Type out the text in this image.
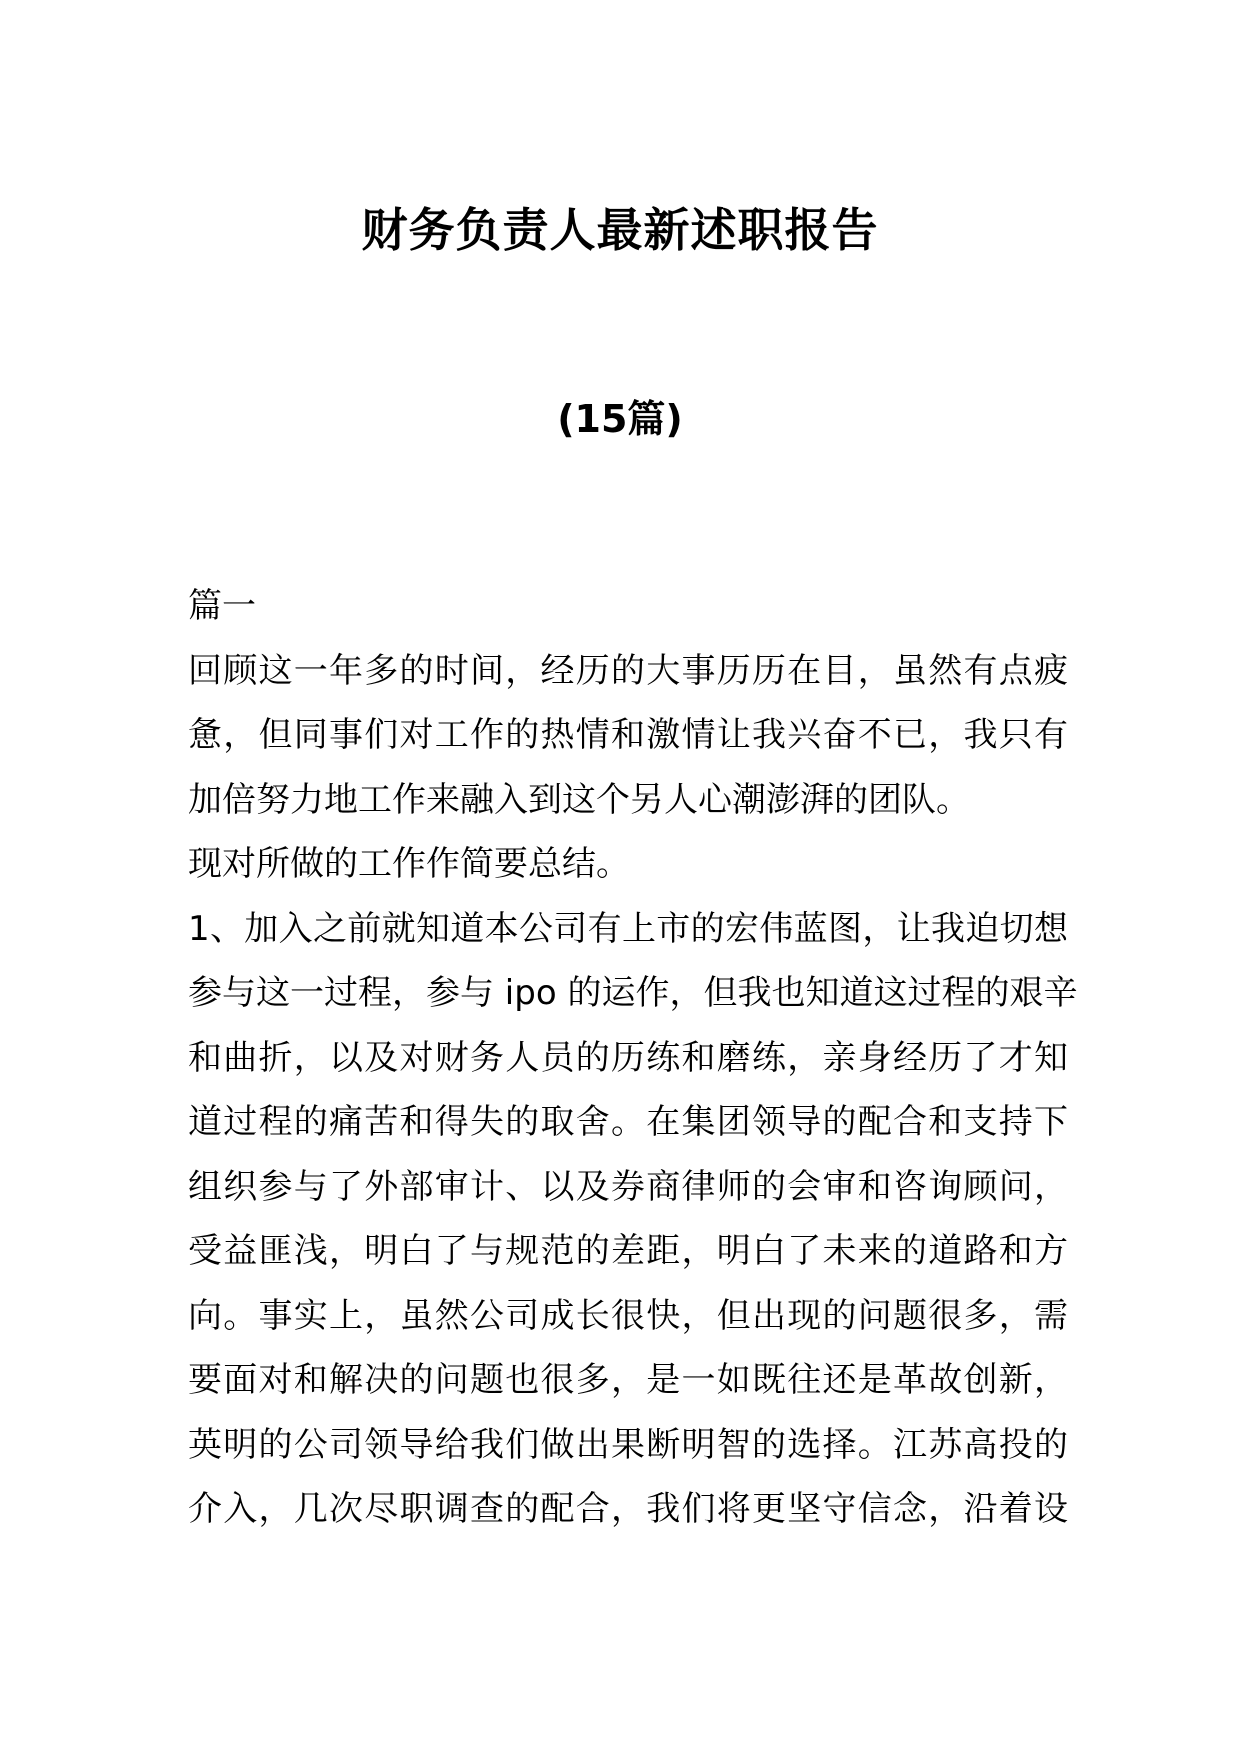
财务负责人最新述职报告
(15篇)
篇一
回顾这一年多的时间，经历的大事历历在目，虽然有点疲
惫，但同事们对工作的热情和激情让我兴奋不已，我只有
加倍努力地工作来融入到这个另人心潮澎湃的团队。
现对所做的工作作简要总结。
1、加入之前就知道本公司有上市的宏伟蓝图，让我迫切想
参与这一过程，参与 ipo 的运作，但我也知道这过程的艰辛
和曲折，以及对财务人员的历练和磨练，亲身经历了才知
道过程的痛苦和得失的取舍。在集团领导的配合和支持下
组织参与了外部审计、以及券商律师的会审和咨询顾问，
受益匪浅，明白了与规范的差距，明白了未来的道路和方
向。事实上，虽然公司成长很快，但出现的问题很多，需
要面对和解决的问题也很多，是一如既往还是革故创新，
英明的公司领导给我们做出果断明智的选择。江苏高投的
介入，几次尽职调查的配合，我们将更坚守信念，沿着设
